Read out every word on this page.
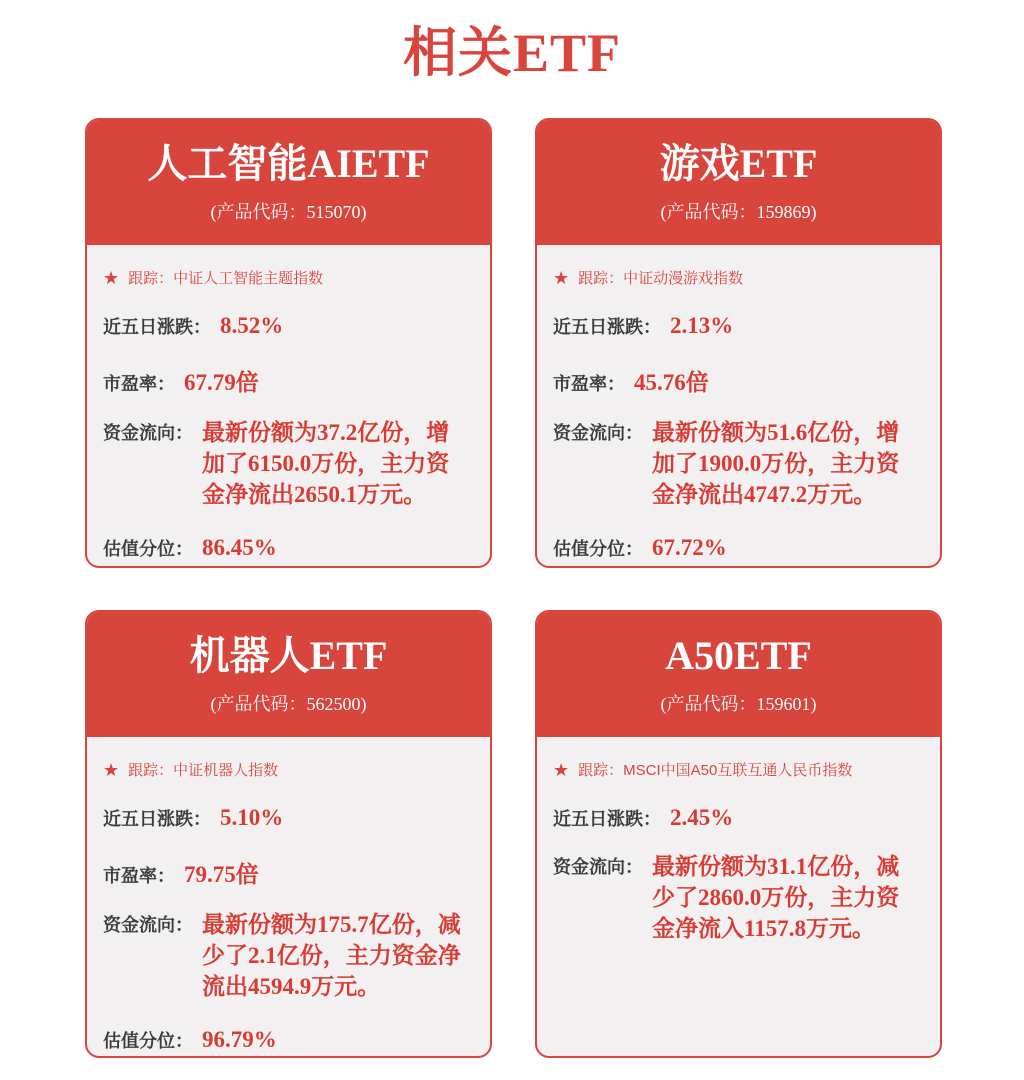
相关ETF
人工智能AIETF
(产品代码：515070)
★ 跟踪： 中证人工智能主题指数
近五日涨跌： 8.52%
市盈率： 67.79倍
资金流向： 最新份额为37.2亿份，增加了6150.0万份，主力资金净流出2650.1万元。
估值分位： 86.45%
游戏ETF
(产品代码：159869)
★ 跟踪： 中证动漫游戏指数
近五日涨跌： 2.13%
市盈率： 45.76倍
资金流向： 最新份额为51.6亿份，增加了1900.0万份，主力资金净流出4747.2万元。
估值分位： 67.72%
机器人ETF
(产品代码：562500)
★ 跟踪： 中证机器人指数
近五日涨跌： 5.10%
市盈率： 79.75倍
资金流向： 最新份额为175.7亿份，减少了2.1亿份，主力资金净流出4594.9万元。
估值分位： 96.79%
A50ETF
(产品代码：159601)
★ 跟踪： MSCI中国A50互联互通人民币指数
近五日涨跌： 2.45%
资金流向： 最新份额为31.1亿份，减少了2860.0万份，主力资金净流入1157.8万元。
